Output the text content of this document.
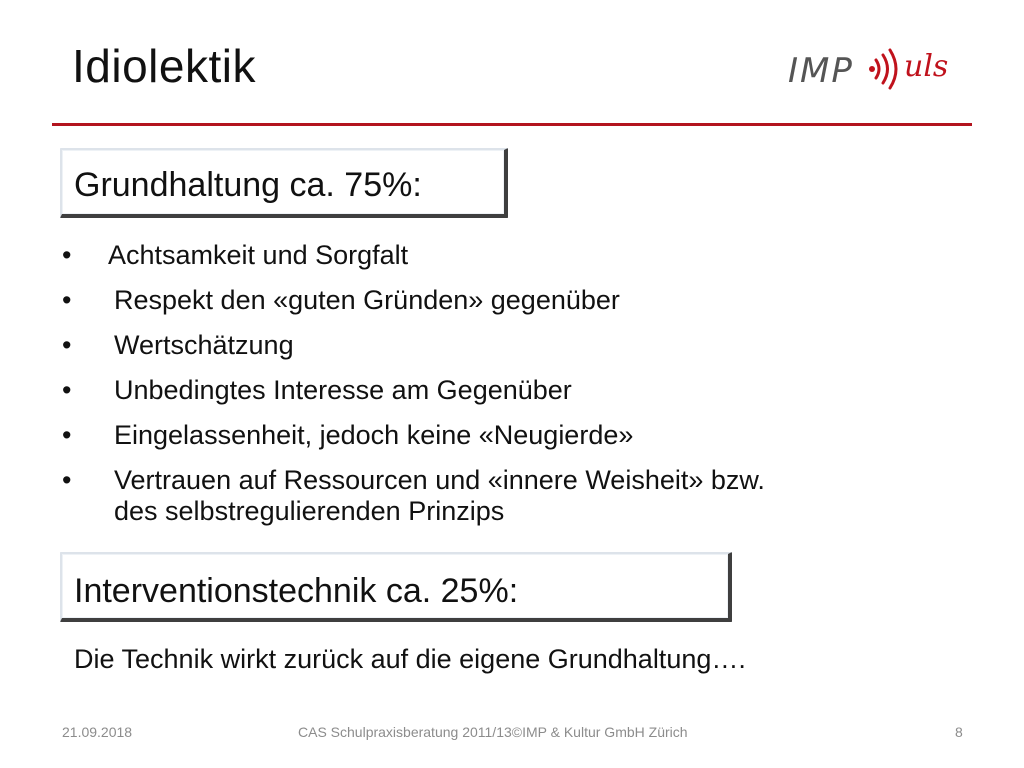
Idiolektik	IMP uls
Grundhaltung ca. 75%:
•	Achtsamkeit und Sorgfalt
•	Respekt den «guten Gründen» gegenüber
•	Wertschätzung
•	Unbedingtes Interesse am Gegenüber
•	Eingelassenheit, jedoch keine «Neugierde»
•	Vertrauen auf Ressourcen und «innere Weisheit» bzw.
des selbstregulierenden Prinzips
Interventionstechnik ca. 25%:
Die Technik wirkt zurück auf die eigene Grundhaltung….
21.09.2018	CAS Schulpraxisberatung 2011/13©IMP & Kultur GmbH Zürich	8
